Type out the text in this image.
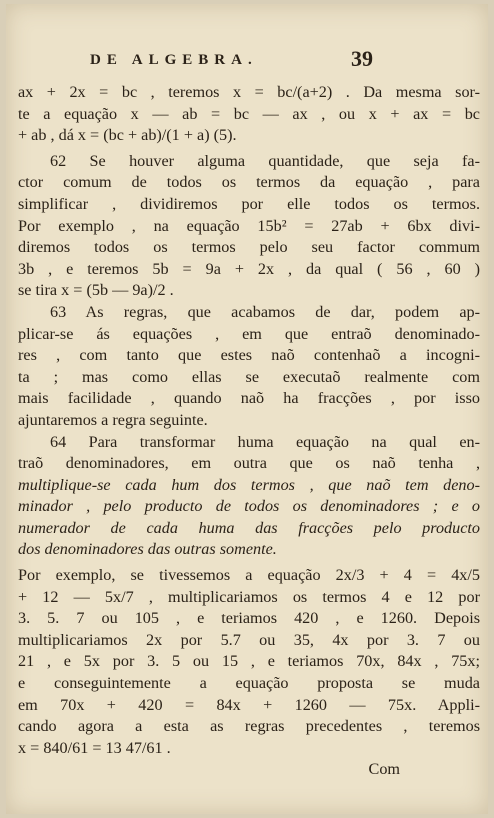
DE ALGEBRA.	39
ax + 2x = bc , teremos x = bc/(a+2) . Da mesma sor-
te a equação x — ab = bc — ax , ou x + ax = bc
+ ab , dá x = (bc + ab)/(1 + a) (5).
62 Se houver alguma quantidade, que seja fa-
ctor comum de todos os termos da equação , para
simplificar , dividiremos por elle todos os termos.
Por exemplo , na equação 15b² = 27ab + 6bx divi-
diremos todos os termos pelo seu factor commum
3b , e teremos 5b = 9a + 2x , da qual ( 56 , 60 )
se tira x = (5b — 9a)/2 .
63 As regras, que acabamos de dar, podem ap-
plicar-se ás equações , em que entraõ denominado-
res , com tanto que estes naõ contenhaõ a incogni-
ta ; mas como ellas se executaõ realmente com
mais facilidade , quando naõ ha fracções , por isso
ajuntaremos a regra seguinte.
64 Para transformar huma equação na qual en-
traõ denominadores, em outra que os naõ tenha ,
multiplique-se cada hum dos termos , que naõ tem deno-
minador , pelo producto de todos os denominadores ; e o
numerador de cada huma das fracções pelo producto
dos denominadores das outras somente.
Por exemplo, se tivessemos a equação 2x/3 + 4 = 4x/5
+ 12 — 5x/7 , multiplicariamos os termos 4 e 12 por
3. 5. 7 ou 105 , e teriamos 420 , e 1260. Depois
multiplicariamos 2x por 5.7 ou 35, 4x por 3. 7 ou
21 , e 5x por 3. 5 ou 15 , e teriamos 70x, 84x , 75x;
e conseguintemente a equação proposta se muda
em 70x + 420 = 84x + 1260 — 75x. Appli-
cando agora a esta as regras precedentes , teremos
x = 840/61 = 13 47/61 .
Com
